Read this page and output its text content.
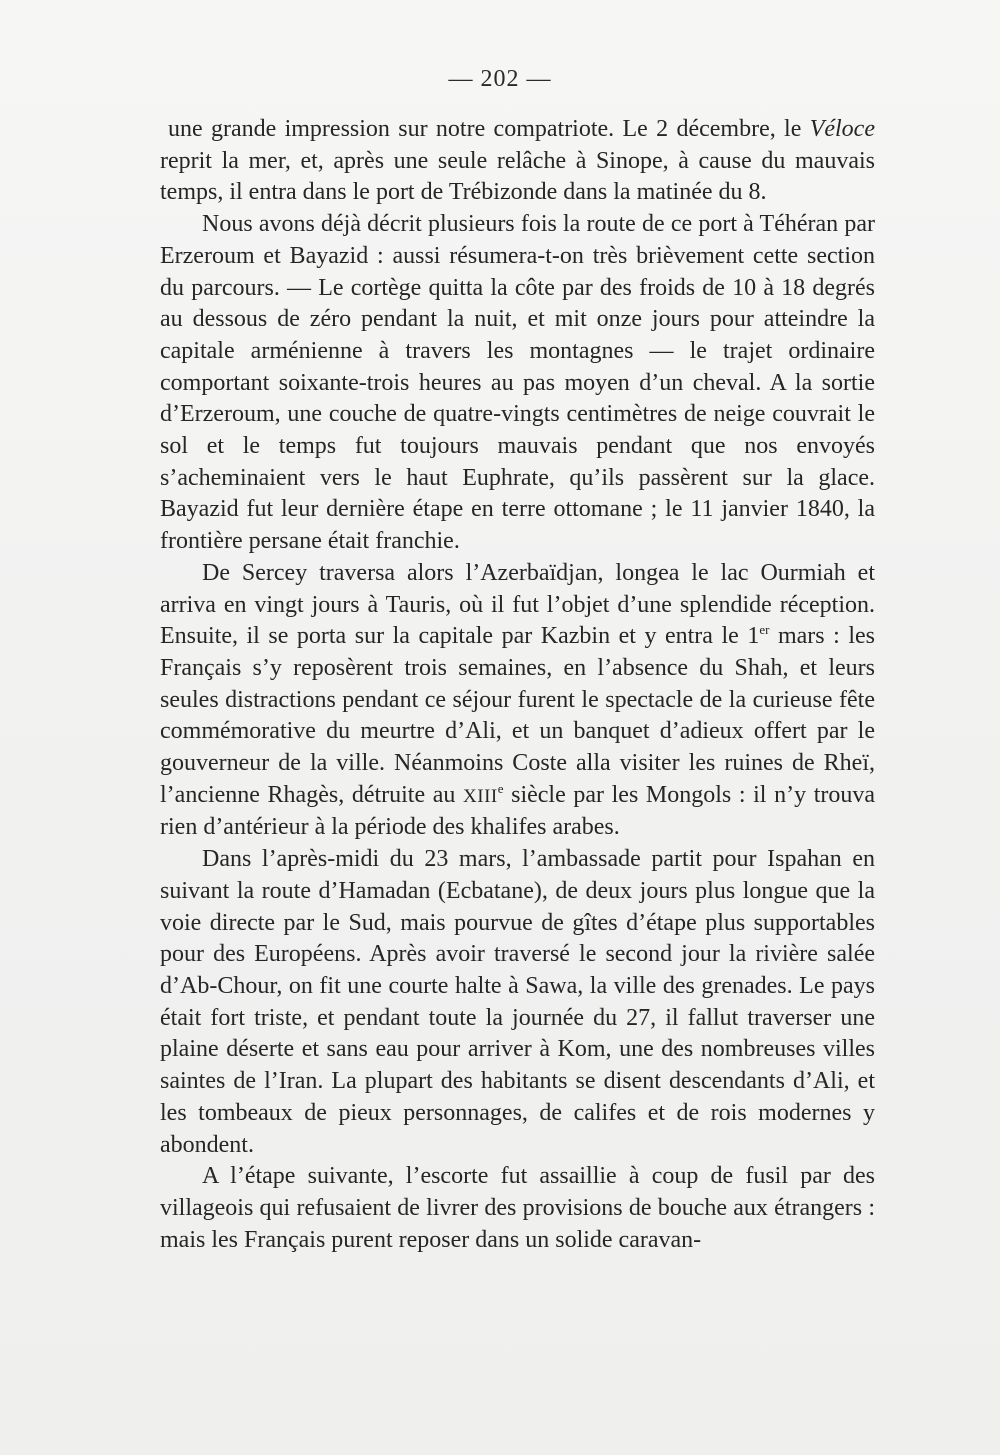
— 202 —

une grande impression sur notre compatriote. Le 2 décembre, le Véloce reprit la mer, et, après une seule relâche à Sinope, à cause du mauvais temps, il entra dans le port de Trébizonde dans la matinée du 8.

Nous avons déjà décrit plusieurs fois la route de ce port à Téhéran par Erzeroum et Bayazid : aussi résumera-t-on très brièvement cette section du parcours. — Le cortège quitta la côte par des froids de 10 à 18 degrés au dessous de zéro pendant la nuit, et mit onze jours pour atteindre la capitale arménienne à travers les montagnes — le trajet ordinaire comportant soixante-trois heures au pas moyen d’un cheval. A la sortie d’Erzeroum, une couche de quatre-vingts centimètres de neige couvrait le sol et le temps fut toujours mauvais pendant que nos envoyés s’acheminaient vers le haut Euphrate, qu’ils passèrent sur la glace. Bayazid fut leur dernière étape en terre ottomane ; le 11 janvier 1840, la frontière persane était franchie.

De Sercey traversa alors l’Azerbaïdjan, longea le lac Ourmiah et arriva en vingt jours à Tauris, où il fut l’objet d’une splendide réception. Ensuite, il se porta sur la capitale par Kazbin et y entra le 1er mars : les Français s’y reposèrent trois semaines, en l’absence du Shah, et leurs seules distractions pendant ce séjour furent le spectacle de la curieuse fête commémorative du meurtre d’Ali, et un banquet d’adieux offert par le gouverneur de la ville. Néanmoins Coste alla visiter les ruines de Rheï, l’ancienne Rhagès, détruite au XIIIe siècle par les Mongols : il n’y trouva rien d’antérieur à la période des khalifes arabes.

Dans l’après-midi du 23 mars, l’ambassade partit pour Ispahan en suivant la route d’Hamadan (Ecbatane), de deux jours plus longue que la voie directe par le Sud, mais pourvue de gîtes d’étape plus supportables pour des Européens. Après avoir traversé le second jour la rivière salée d’Ab-Chour, on fit une courte halte à Sawa, la ville des grenades. Le pays était fort triste, et pendant toute la journée du 27, il fallut traverser une plaine déserte et sans eau pour arriver à Kom, une des nombreuses villes saintes de l’Iran. La plupart des habitants se disent descendants d’Ali, et les tombeaux de pieux personnages, de califes et de rois modernes y abondent.

A l’étape suivante, l’escorte fut assaillie à coup de fusil par des villageois qui refusaient de livrer des provisions de bouche aux étrangers : mais les Français purent reposer dans un solide caravan-
